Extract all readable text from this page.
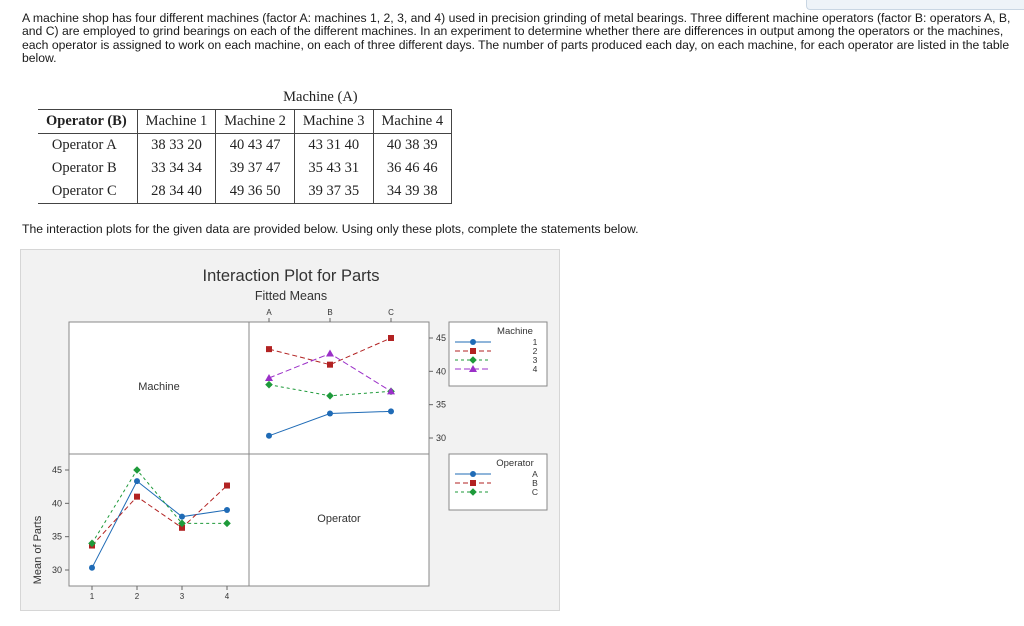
A machine shop has four different machines (factor A: machines 1, 2, 3, and 4) used in precision grinding of metal bearings. Three different machine operators (factor B: operators A, B, and C) are employed to grind bearings on each of the different machines. In an experiment to determine whether there are differences in output among the operators or the machines, each operator is assigned to work on each machine, on each of three different days. The number of parts produced each day, on each machine, for each operator are listed in the table below.

	Machine (A)			
Operator (B)	Machine 1	Machine 2	Machine 3	Machine 4
Operator A	38 33 20	40 43 47	43 31 40	40 38 39
Operator B	33 34 34	39 37 47	35 43 31	36 46 46
Operator C	28 34 40	49 36 50	39 37 35	34 39 38

The interaction plots for the given data are provided below. Using only these plots, complete the statements below.

Interaction Plot for Parts
Fitted Means
Mean of Parts
Machine
Operator
A	B	C
30
35
40
45
1	2	3	4
30
35
40
45
Machine
1
2
3
4
Operator
A
B
C
